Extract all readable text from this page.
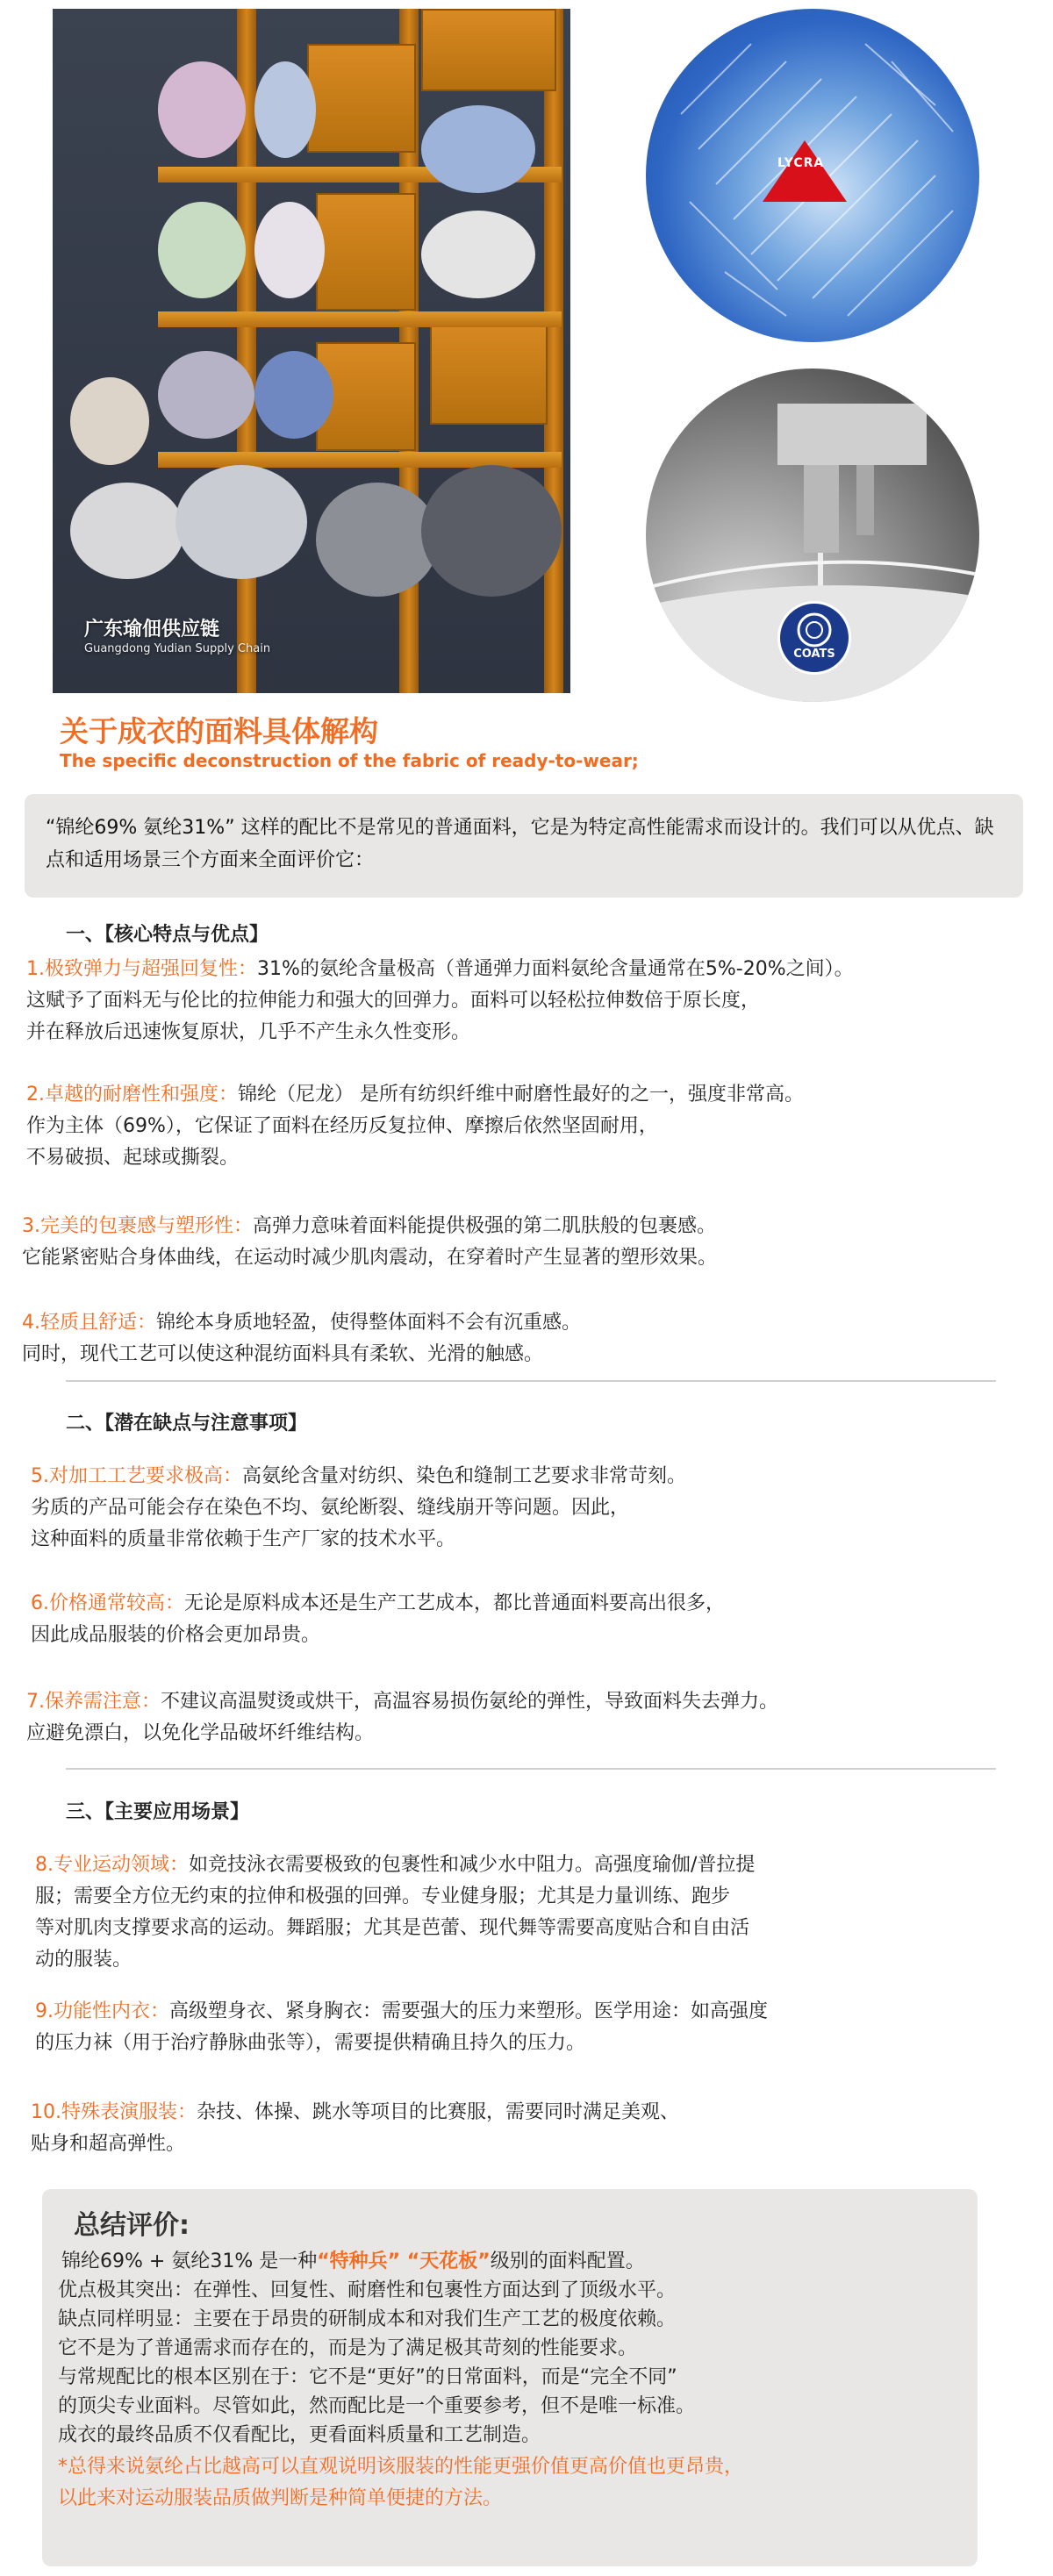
广东瑜佃供应链
Guangdong Yudian Supply Chain
LYCRA
COATS
关于成衣的面料具体解构
The specific deconstruction of the fabric of ready-to-wear;
“锦纶69% 氨纶31%” 这样的配比不是常见的普通面料，它是为特定高性能需求而设计的。我们可以从优点、缺点和适用场景三个方面来全面评价它：
一、【核心特点与优点】
1.极致弹力与超强回复性：31%的氨纶含量极高（普通弹力面料氨纶含量通常在5%-20%之间）。
这赋予了面料无与伦比的拉伸能力和强大的回弹力。面料可以轻松拉伸数倍于原长度，
并在释放后迅速恢复原状，几乎不产生永久性变形。
2.卓越的耐磨性和强度：锦纶（尼龙） 是所有纺织纤维中耐磨性最好的之一，强度非常高。
作为主体（69%），它保证了面料在经历反复拉伸、摩擦后依然坚固耐用，
不易破损、起球或撕裂。
3.完美的包裹感与塑形性：高弹力意味着面料能提供极强的第二肌肤般的包裹感。
它能紧密贴合身体曲线，在运动时减少肌肉震动，在穿着时产生显著的塑形效果。
4.轻质且舒适：锦纶本身质地轻盈，使得整体面料不会有沉重感。
同时，现代工艺可以使这种混纺面料具有柔软、光滑的触感。
二、【潜在缺点与注意事项】
5.对加工工艺要求极高：高氨纶含量对纺织、染色和缝制工艺要求非常苛刻。
劣质的产品可能会存在染色不均、氨纶断裂、缝线崩开等问题。因此，
这种面料的质量非常依赖于生产厂家的技术水平。
6.价格通常较高：无论是原料成本还是生产工艺成本，都比普通面料要高出很多，
因此成品服装的价格会更加昂贵。
7.保养需注意：不建议高温熨烫或烘干，高温容易损伤氨纶的弹性，导致面料失去弹力。
应避免漂白，以免化学品破坏纤维结构。
三、【主要应用场景】
8.专业运动领域：如竞技泳衣需要极致的包裹性和减少水中阻力。高强度瑜伽/普拉提
服；需要全方位无约束的拉伸和极强的回弹。专业健身服；尤其是力量训练、跑步
等对肌肉支撑要求高的运动。舞蹈服；尤其是芭蕾、现代舞等需要高度贴合和自由活
动的服装。
9.功能性内衣：高级塑身衣、紧身胸衣：需要强大的压力来塑形。医学用途：如高强度
的压力袜（用于治疗静脉曲张等），需要提供精确且持久的压力。
10.特殊表演服装：杂技、体操、跳水等项目的比赛服，需要同时满足美观、
贴身和超高弹性。
总结评价:
锦纶69% + 氨纶31% 是一种“特种兵” “天花板”级别的面料配置。
优点极其突出：在弹性、回复性、耐磨性和包裹性方面达到了顶级水平。
缺点同样明显：主要在于昂贵的研制成本和对我们生产工艺的极度依赖。
它不是为了普通需求而存在的，而是为了满足极其苛刻的性能要求。
与常规配比的根本区别在于：它不是“更好”的日常面料，而是“完全不同”
的顶尖专业面料。尽管如此，然而配比是一个重要参考，但不是唯一标准。
成衣的最终品质不仅看配比，更看面料质量和工艺制造。
*总得来说氨纶占比越高可以直观说明该服装的性能更强价值更高价值也更昂贵，
以此来对运动服装品质做判断是种简单便捷的方法。
